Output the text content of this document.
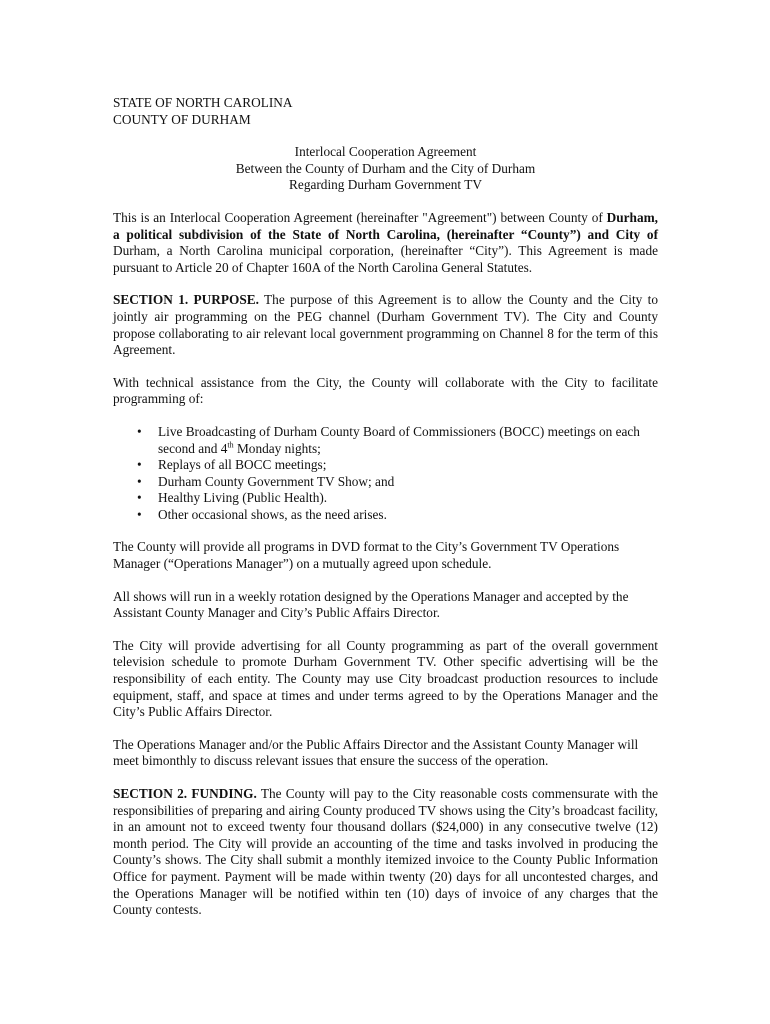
STATE OF NORTH CAROLINA
COUNTY OF DURHAM
Interlocal Cooperation Agreement
Between the County of Durham and the City of Durham
Regarding Durham Government TV

This is an Interlocal Cooperation Agreement (hereinafter "Agreement") between County of Durham, a political subdivision of the State of North Carolina, (hereinafter “County”) and City of Durham, a North Carolina municipal corporation, (hereinafter “City”). This Agreement is made pursuant to Article 20 of Chapter 160A of the North Carolina General Statutes.

SECTION 1. PURPOSE. The purpose of this Agreement is to allow the County and the City to jointly air programming on the PEG channel (Durham Government TV). The City and County propose collaborating to air relevant local government programming on Channel 8 for the term of this Agreement.

With technical assistance from the City, the County will collaborate with the City to facilitate programming of:

• Live Broadcasting of Durham County Board of Commissioners (BOCC) meetings on each second and 4th Monday nights;
• Replays of all BOCC meetings;
• Durham County Government TV Show; and
• Healthy Living (Public Health).
• Other occasional shows, as the need arises.

The County will provide all programs in DVD format to the City’s Government TV Operations Manager (“Operations Manager”) on a mutually agreed upon schedule.

All shows will run in a weekly rotation designed by the Operations Manager and accepted by the Assistant County Manager and City’s Public Affairs Director.

The City will provide advertising for all County programming as part of the overall government television schedule to promote Durham Government TV. Other specific advertising will be the responsibility of each entity. The County may use City broadcast production resources to include equipment, staff, and space at times and under terms agreed to by the Operations Manager and the City’s Public Affairs Director.

The Operations Manager and/or the Public Affairs Director and the Assistant County Manager will meet bimonthly to discuss relevant issues that ensure the success of the operation.

SECTION 2. FUNDING. The County will pay to the City reasonable costs commensurate with the responsibilities of preparing and airing County produced TV shows using the City’s broadcast facility, in an amount not to exceed twenty four thousand dollars ($24,000) in any consecutive twelve (12) month period. The City will provide an accounting of the time and tasks involved in producing the County’s shows. The City shall submit a monthly itemized invoice to the County Public Information Office for payment. Payment will be made within twenty (20) days for all uncontested charges, and the Operations Manager will be notified within ten (10) days of invoice of any charges that the County contests.
